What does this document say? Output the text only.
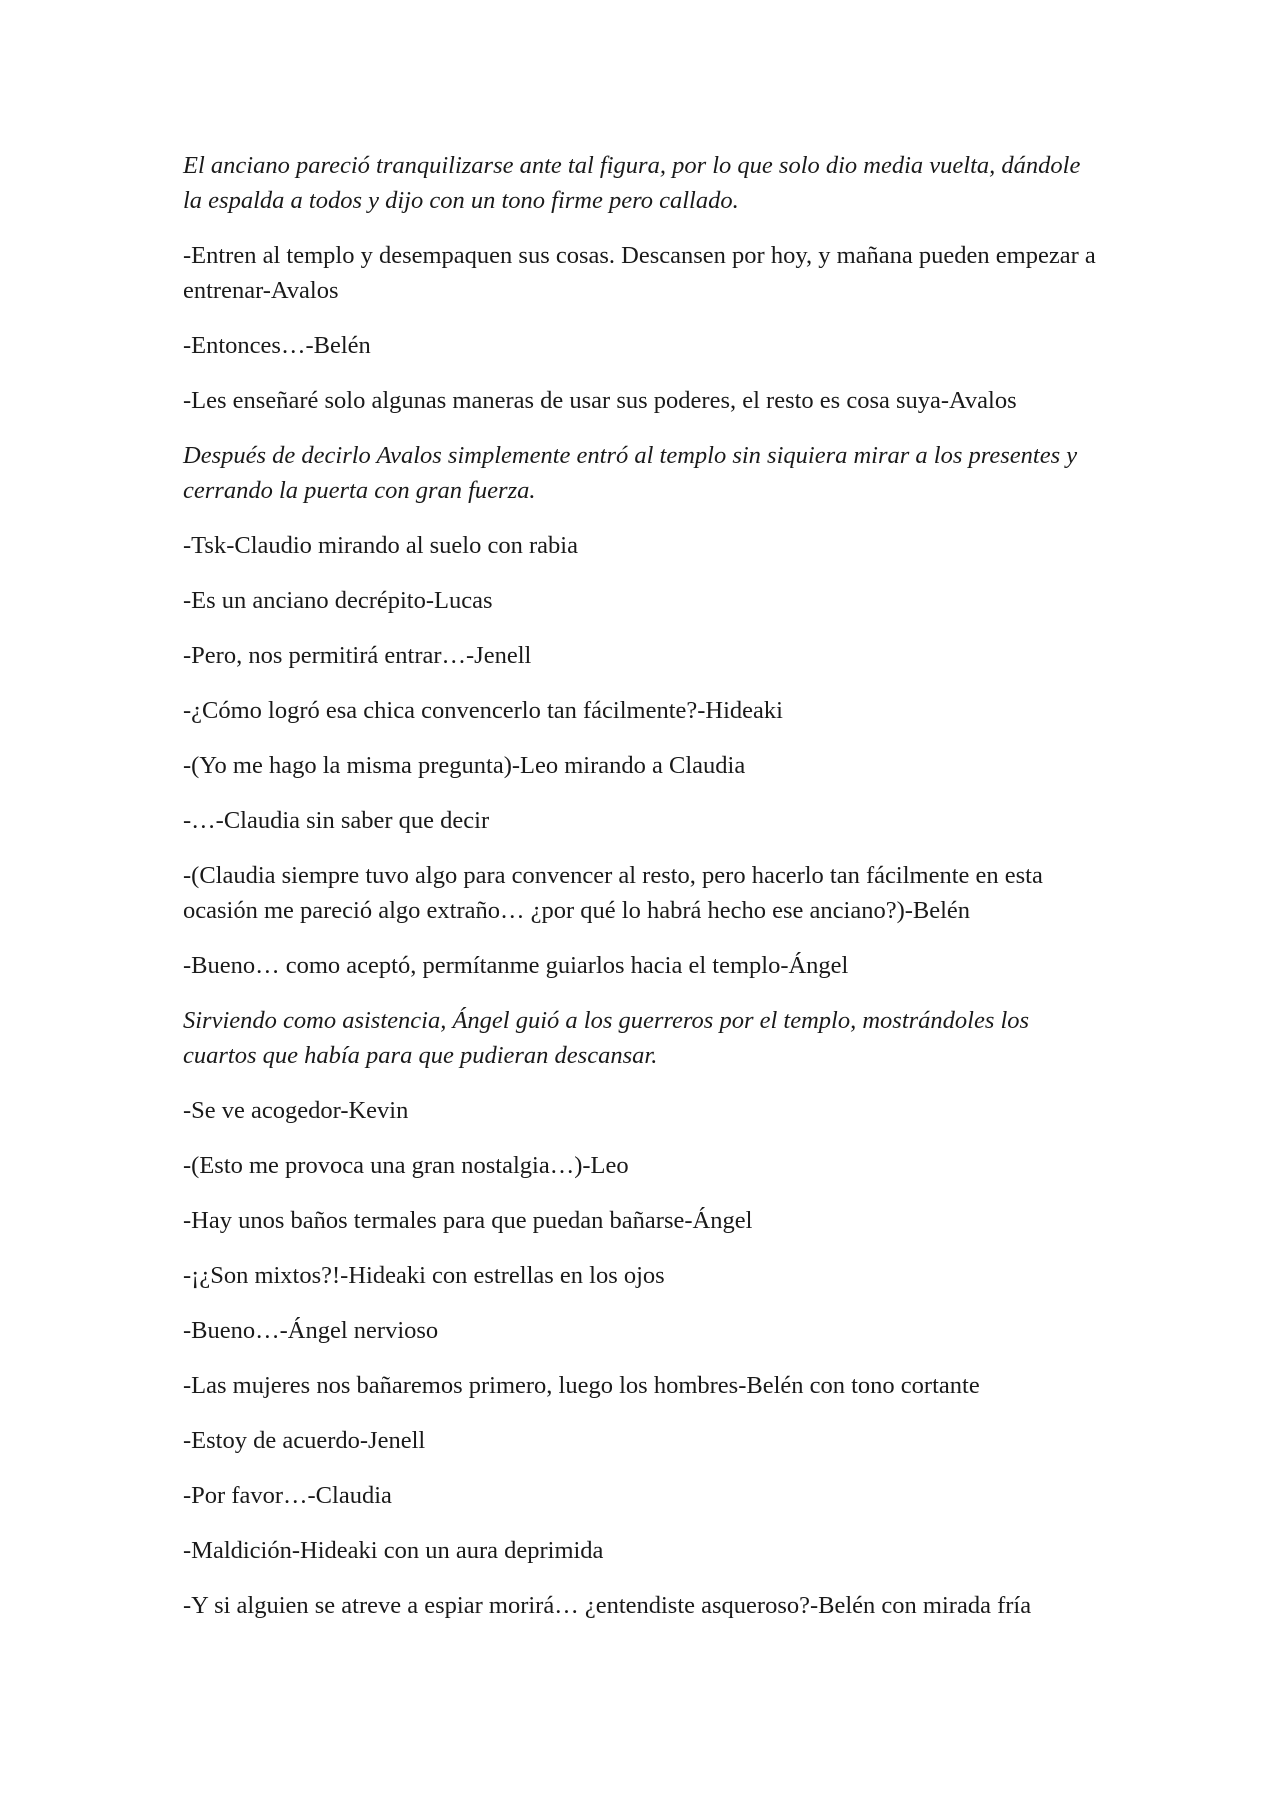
El anciano pareció tranquilizarse ante tal figura, por lo que solo dio media vuelta, dándole la espalda a todos y dijo con un tono firme pero callado.

-Entren al templo y desempaquen sus cosas. Descansen por hoy, y mañana pueden empezar a entrenar-Avalos

-Entonces…-Belén

-Les enseñaré solo algunas maneras de usar sus poderes, el resto es cosa suya-Avalos

Después de decirlo Avalos simplemente entró al templo sin siquiera mirar a los presentes y cerrando la puerta con gran fuerza.

-Tsk-Claudio mirando al suelo con rabia

-Es un anciano decrépito-Lucas

-Pero, nos permitirá entrar…-Jenell

-¿Cómo logró esa chica convencerlo tan fácilmente?-Hideaki

-(Yo me hago la misma pregunta)-Leo mirando a Claudia

-…-Claudia sin saber que decir

-(Claudia siempre tuvo algo para convencer al resto, pero hacerlo tan fácilmente en esta ocasión me pareció algo extraño… ¿por qué lo habrá hecho ese anciano?)-Belén

-Bueno… como aceptó, permítanme guiarlos hacia el templo-Ángel

Sirviendo como asistencia, Ángel guió a los guerreros por el templo, mostrándoles los cuartos que había para que pudieran descansar.

-Se ve acogedor-Kevin

-(Esto me provoca una gran nostalgia…)-Leo

-Hay unos baños termales para que puedan bañarse-Ángel

-¡¿Son mixtos?!-Hideaki con estrellas en los ojos

-Bueno…-Ángel nervioso

-Las mujeres nos bañaremos primero, luego los hombres-Belén con tono cortante

-Estoy de acuerdo-Jenell

-Por favor…-Claudia

-Maldición-Hideaki con un aura deprimida

-Y si alguien se atreve a espiar morirá… ¿entendiste asqueroso?-Belén con mirada fría
